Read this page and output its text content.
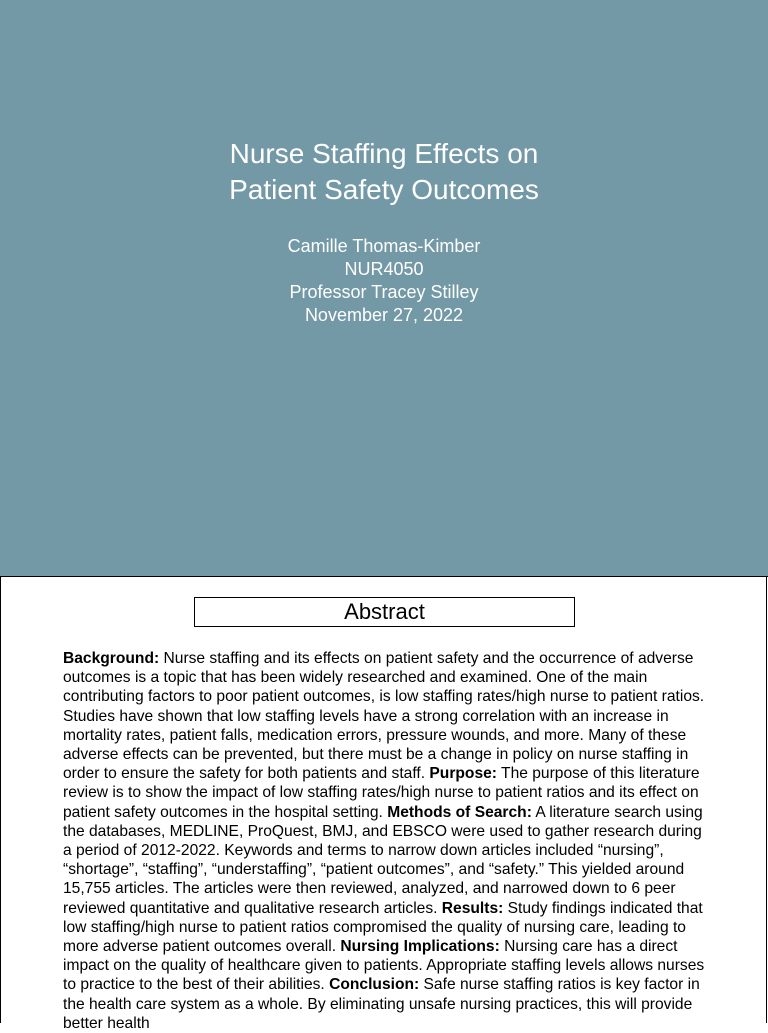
Nurse Staffing Effects on
Patient Safety Outcomes
Camille Thomas-Kimber
NUR4050
Professor Tracey Stilley
November 27, 2022
Abstract
Background: Nurse staffing and its effects on patient safety and the occurrence of adverse outcomes is a topic that has been widely researched and examined. One of the main contributing factors to poor patient outcomes, is low staffing rates/high nurse to patient ratios. Studies have shown that low staffing levels have a strong correlation with an increase in mortality rates, patient falls, medication errors, pressure wounds, and more. Many of these adverse effects can be prevented, but there must be a change in policy on nurse staffing in order to ensure the safety for both patients and staff. Purpose: The purpose of this literature review is to show the impact of low staffing rates/high nurse to patient ratios and its effect on patient safety outcomes in the hospital setting. Methods of Search: A literature search using the databases, MEDLINE, ProQuest, BMJ, and EBSCO were used to gather research during a period of 2012-2022. Keywords and terms to narrow down articles included “nursing”, “shortage”, “staffing”, “understaffing”, “patient outcomes”, and “safety.” This yielded around 15,755 articles. The articles were then reviewed, analyzed, and narrowed down to 6 peer reviewed quantitative and qualitative research articles. Results: Study findings indicated that low staffing/high nurse to patient ratios compromised the quality of nursing care, leading to more adverse patient outcomes overall. Nursing Implications: Nursing care has a direct impact on the quality of healthcare given to patients. Appropriate staffing levels allows nurses to practice to the best of their abilities. Conclusion: Safe nurse staffing ratios is key factor in the health care system as a whole. By eliminating unsafe nursing practices, this will provide better health
